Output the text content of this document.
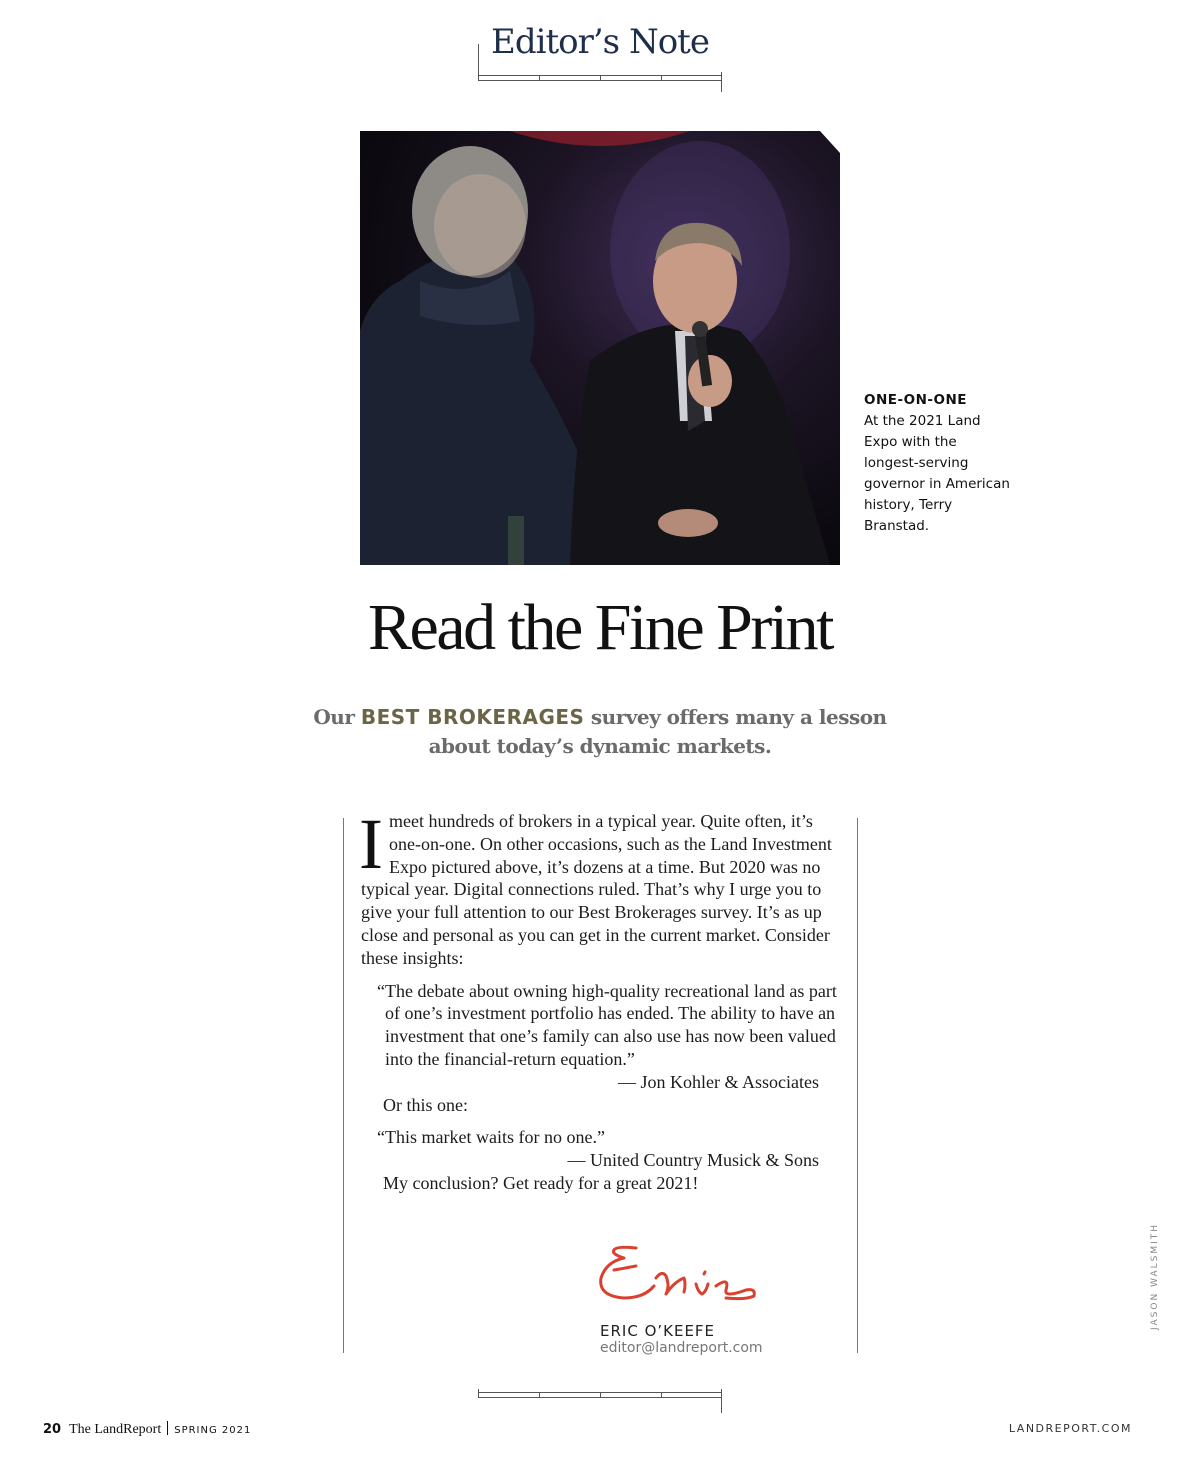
Editor’s Note
ONE-ON-ONE
At the 2021 Land Expo with the longest-serving governor in American history, Terry Branstad.
Read the Fine Print
Our BEST BROKERAGES survey offers many a lesson about today’s dynamic markets.

Imeet hundreds of brokers in a typical year. Quite often, it’s one-on-one. On other occasions, such as the Land Investment Expo pictured above, it’s dozens at a time. But 2020 was no typical year. Digital connections ruled. That’s why I urge you to give your full attention to our Best Brokerages survey. It’s as up close and personal as you can get in the current market. Consider these insights:

“The debate about owning high-quality recreational land as part of one’s investment portfolio has ended. The ability to have an investment that one’s family can also use has now been valued into the financial-return equation.”

— Jon Kohler & Associates

Or this one:

“This market waits for no one.”

— United Country Musick & Sons

My conclusion? Get ready for a great 2021!

ERIC O’KEEFE
editor@landreport.com
JASON WALSMITH
20 The LandReport SPRING 2021	LANDREPORT.COM
